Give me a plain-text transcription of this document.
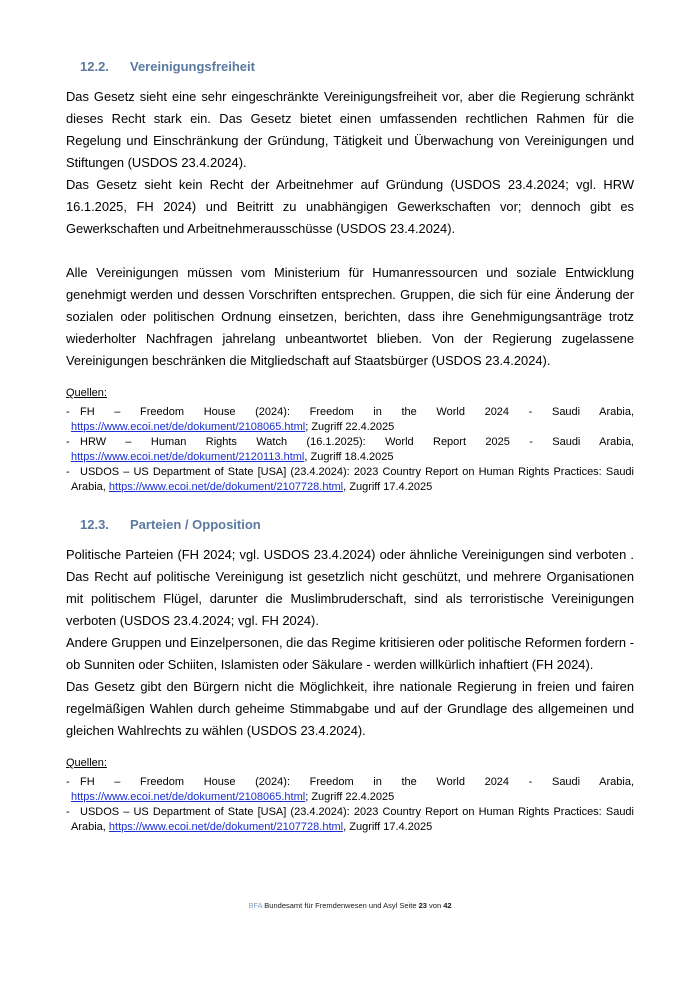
12.2. Vereinigungsfreiheit

Das Gesetz sieht eine sehr eingeschränkte Vereinigungsfreiheit vor, aber die Regierung schränkt dieses Recht stark ein. Das Gesetz bietet einen umfassenden rechtlichen Rahmen für die Regelung und Einschränkung der Gründung, Tätigkeit und Überwachung von Vereinigungen und Stiftungen (USDOS 23.4.2024).

Das Gesetz sieht kein Recht der Arbeitnehmer auf Gründung (USDOS 23.4.2024; vgl. HRW 16.1.2025, FH 2024) und Beitritt zu unabhängigen Gewerkschaften vor; dennoch gibt es Gewerkschaften und Arbeitnehmerausschüsse (USDOS 23.4.2024).

Alle Vereinigungen müssen vom Ministerium für Humanressourcen und soziale Entwicklung genehmigt werden und dessen Vorschriften entsprechen. Gruppen, die sich für eine Änderung der sozialen oder politischen Ordnung einsetzen, berichten, dass ihre Genehmigungsanträge trotz wiederholter Nachfragen jahrelang unbeantwortet blieben. Von der Regierung zugelassene Vereinigungen beschränken die Mitgliedschaft auf Staatsbürger (USDOS 23.4.2024).

Quellen:

- FH – Freedom House (2024): Freedom in the World 2024 - Saudi Arabia, https://www.ecoi.net/de/dokument/2108065.html; Zugriff 22.4.2025

- HRW – Human Rights Watch (16.1.2025): World Report 2025 - Saudi Arabia, https://www.ecoi.net/de/dokument/2120113.html, Zugriff 18.4.2025

- USDOS – US Department of State [USA] (23.4.2024): 2023 Country Report on Human Rights Practices: Saudi Arabia, https://www.ecoi.net/de/dokument/2107728.html, Zugriff 17.4.2025

12.3. Parteien / Opposition

Politische Parteien (FH 2024; vgl. USDOS 23.4.2024) oder ähnliche Vereinigungen sind verboten . Das Recht auf politische Vereinigung ist gesetzlich nicht geschützt, und mehrere Organisationen mit politischem Flügel, darunter die Muslimbruderschaft, sind als terroristische Vereinigungen verboten (USDOS 23.4.2024; vgl. FH 2024).

Andere Gruppen und Einzelpersonen, die das Regime kritisieren oder politische Reformen fordern - ob Sunniten oder Schiiten, Islamisten oder Säkulare - werden willkürlich inhaftiert (FH 2024).

Das Gesetz gibt den Bürgern nicht die Möglichkeit, ihre nationale Regierung in freien und fairen regelmäßigen Wahlen durch geheime Stimmabgabe und auf der Grundlage des allgemeinen und gleichen Wahlrechts zu wählen (USDOS 23.4.2024).

Quellen:

- FH – Freedom House (2024): Freedom in the World 2024 - Saudi Arabia, https://www.ecoi.net/de/dokument/2108065.html; Zugriff 22.4.2025

- USDOS – US Department of State [USA] (23.4.2024): 2023 Country Report on Human Rights Practices: Saudi Arabia, https://www.ecoi.net/de/dokument/2107728.html, Zugriff 17.4.2025

BFA Bundesamt für Fremdenwesen und Asyl Seite 23 von 42
